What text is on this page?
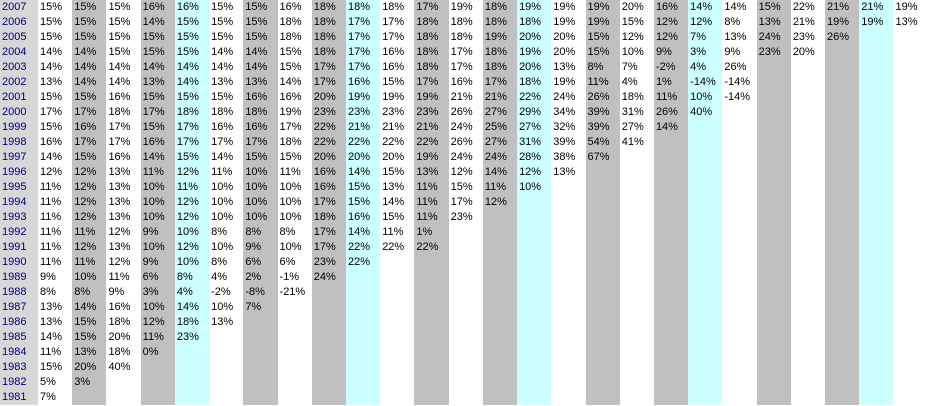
2007	15%	15%	15%	16%	16%	15%	15%	16%	18%	18%	18%	17%	19%	18%	19%	19%	19%	20%	16%	14%	14%	15%	22%	21%	21%	19%
2006	15%	15%	15%	14%	15%	15%	15%	18%	18%	17%	17%	18%	18%	18%	18%	19%	19%	15%	12%	12%	8%	13%	21%	19%	19%	13%
2005	15%	15%	15%	15%	15%	15%	15%	18%	18%	17%	17%	18%	18%	19%	20%	20%	15%	12%	12%	7%	13%	24%	23%	26%		
2004	14%	14%	15%	15%	15%	14%	14%	15%	18%	17%	16%	18%	17%	18%	19%	20%	15%	10%	9%	3%	9%	23%	20%			
2003	14%	14%	14%	14%	14%	14%	14%	15%	17%	17%	16%	18%	17%	18%	20%	13%	8%	7%	-2%	4%	26%					
2002	13%	14%	14%	13%	14%	13%	13%	14%	17%	16%	15%	17%	16%	17%	18%	19%	11%	4%	1%	-14%	-14%					
2001	15%	15%	16%	15%	15%	15%	16%	16%	20%	19%	19%	19%	21%	21%	22%	24%	26%	18%	11%	10%	-14%					
2000	17%	17%	18%	17%	18%	18%	18%	19%	23%	23%	23%	23%	26%	27%	29%	34%	39%	31%	26%	40%						
1999	15%	16%	17%	15%	17%	16%	16%	17%	22%	21%	21%	21%	24%	25%	27%	32%	39%	27%	14%							
1998	16%	17%	17%	16%	17%	17%	17%	18%	22%	22%	22%	22%	26%	27%	31%	39%	54%	41%								
1997	14%	15%	16%	14%	15%	14%	15%	15%	20%	20%	20%	19%	24%	24%	28%	38%	67%									
1996	12%	12%	13%	11%	12%	11%	10%	11%	16%	14%	15%	13%	12%	14%	12%	13%										
1995	11%	12%	13%	10%	11%	10%	10%	10%	16%	15%	13%	11%	15%	11%	10%											
1994	11%	12%	13%	10%	12%	10%	10%	10%	17%	15%	14%	11%	17%	12%												
1993	11%	12%	13%	10%	12%	10%	10%	10%	18%	16%	15%	11%	23%													
1992	11%	11%	12%	9%	10%	8%	8%	8%	17%	14%	11%	1%														
1991	11%	12%	13%	10%	12%	10%	9%	10%	17%	22%	22%	22%														
1990	11%	11%	12%	9%	10%	8%	6%	6%	23%	22%																
1989	9%	10%	11%	6%	8%	4%	2%	-1%	24%																	
1988	8%	8%	9%	3%	4%	-2%	-8%	-21%																		
1987	13%	14%	16%	10%	14%	10%	7%																			
1986	13%	15%	18%	12%	18%	13%																				
1985	14%	15%	20%	11%	23%																					
1984	11%	13%	18%	0%																						
1983	15%	20%	40%																							
1982	5%	3%																								
1981	7%																									
